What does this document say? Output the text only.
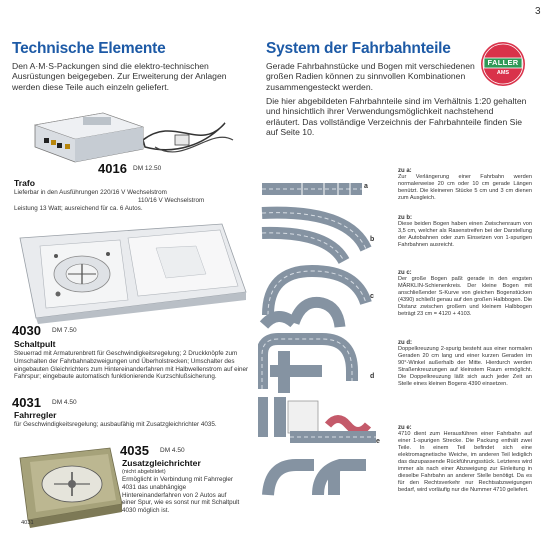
3
Technische Elemente
Den A·M·S-Packungen sind die elektro-technischen Ausrüstungen beigegeben. Zur Erweiterung der Anlagen werden diese Teile auch einzeln geliefert.
4016 DM 12.50
Trafo
Lieferbar in den Ausführungen 220/16 V Wechselstrom
110/16 V Wechselstrom
Leistung 13 Watt; ausreichend für ca. 6 Autos.
4030 DM 7.50
Schaltpult
Steuerrad mit Armaturenbrett für Geschwindigkeitsregelung; 2 Druckknöpfe zum Umschalten der Fahrbahnabzweigungen und Überholstrecken; Umschalter des eingebauten Gleichrichters zum Hintereinanderfahren mit Halbwellenstrom auf einer Fahrspur; eingebaute automatisch funktionierende Kurzschlußsicherung.
4031 DM 4.50
Fahrregler
für Geschwindigkeitsregelung; ausbaufähig mit Zusatzgleichrichter 4035.
4031
4035 DM 4.50
Zusatzgleichrichter
(nicht abgebildet)
Ermöglicht in Verbindung mit Fahrregler 4031 das unabhängige Hintereinanderfahren von 2 Autos auf einer Spur, wie es sonst nur mit Schaltpult 4030 möglich ist.
System der Fahrbahnteile
FALLER
AMS
Gerade Fahrbahnstücke und Bogen mit verschiedenen großen Radien können zu sinnvollen Kombinationen zusammengesteckt werden.
Die hier abgebildeten Fahrbahnteile sind im Verhältnis 1:20 gehalten und hinsichtlich ihrer Verwendungsmöglichkeit nachstehend erläutert. Das vollständige Verzeichnis der Fahrbahnteile finden Sie auf Seite 10.
a
b
c
d
e
zu a:
Zur Verlängerung einer Fahrbahn werden normalerweise 20 cm oder 10 cm gerade Längen benützt. Die kleineren Stücke 5 cm und 3 cm dienen zum Ausgleich.
zu b:
Diese beiden Bogen haben einen Zwischenraum von 3,5 cm, welcher als Rasenstreifen bei der Darstellung der Autobahnen oder zum Einsetzen von 1-spurigen Fahrbahnen ausreicht.
zu c:
Der große Bogen paßt gerade in den engsten MÄRKLIN-Schienenkreis. Der kleine Bogen mit anschließender S-Kurve von gleichen Bogenstücken (4390) schließt genau auf den großen Halbbogen. Die Distanz zwischen großem und kleinem Halbbogen beträgt 23 cm = 4120 + 4103.
zu d:
Doppelkreuzung 2-spurig besteht aus einer normalen Geraden 20 cm lang und einer kurzen Geraden im 90°-Winkel außerhalb der Mitte. Hierdurch werden Straßenkreuzungen auf kleinstem Raum ermöglicht. Die Doppelkreuzung läßt sich auch jeder Zeit an Stelle eines kleinen Bogens 4390 einsetzen.
zu e:
4710 dient zum Herausführen einer Fahrbahn auf einer 1-spurigen Strecke. Die Packung enthält zwei Teile. In einem Teil befindet sich eine elektromagnetische Weiche, im anderen Teil lediglich das dazupassende Rückführungsstück. Letzteres wird immer als nach einer Abzweigung zur Einleitung in dieselbe Fahrbahn an anderer Stelle benötigt. Da es für den Rechtsverkehr nur Rechtsabzweigungen bedarf, wird vorläufig nur die Nummer 4710 geliefert.
